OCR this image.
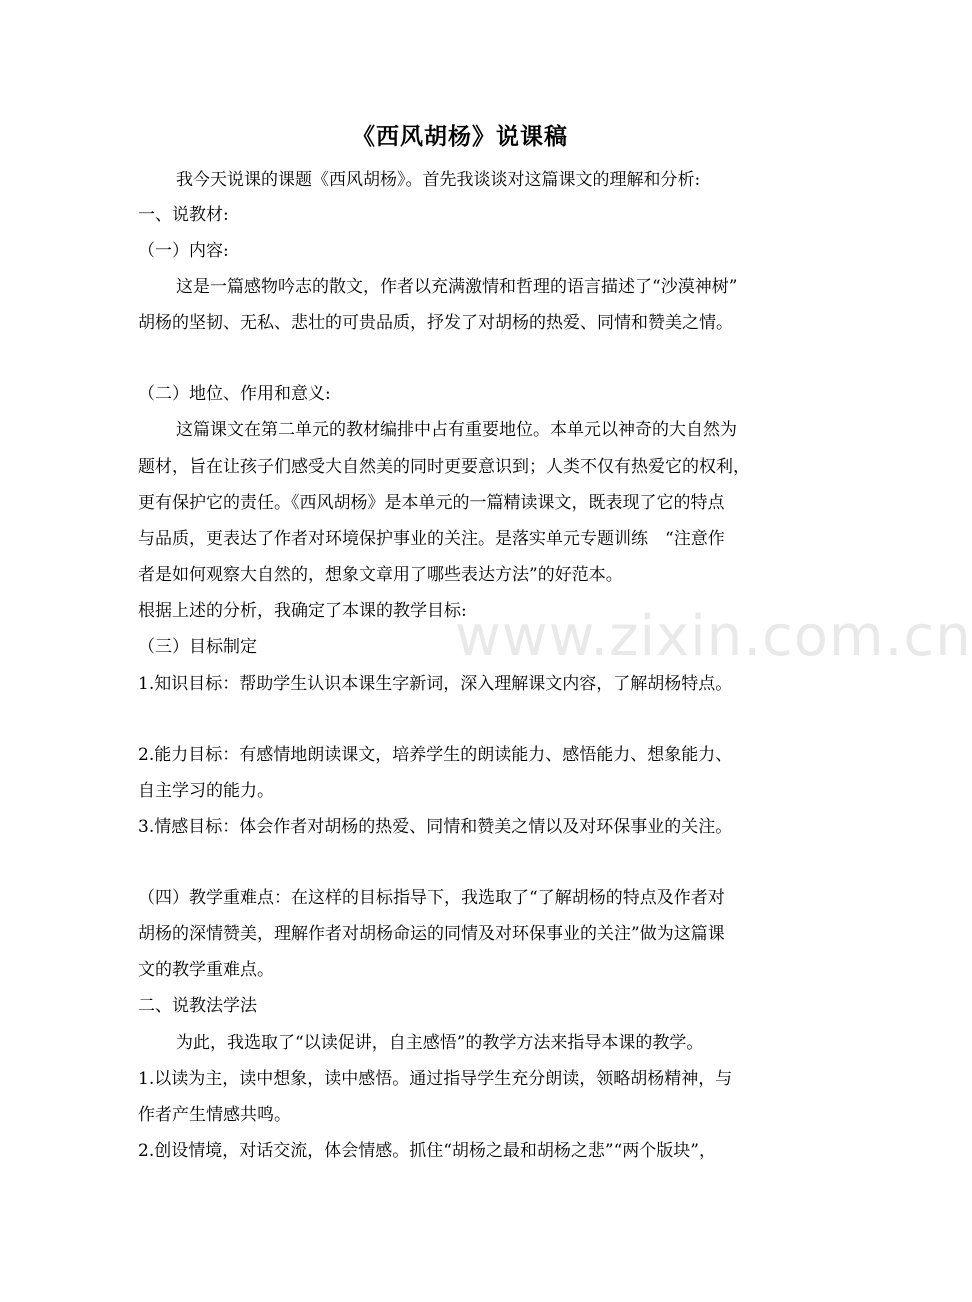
《西风胡杨》说课稿
我今天说课的课题《西风胡杨》。首先我谈谈对这篇课文的理解和分析:
一、说教材:
（一）内容:
这是一篇感物吟志的散文，作者以充满激情和哲理的语言描述了“沙漠神树”
胡杨的坚韧、无私、悲壮的可贵品质，抒发了对胡杨的热爱、同情和赞美之情。
（二）地位、作用和意义:
这篇课文在第二单元的教材编排中占有重要地位。本单元以神奇的大自然为
题材，旨在让孩子们感受大自然美的同时更要意识到；人类不仅有热爱它的权利，
更有保护它的责任。《西风胡杨》是本单元的一篇精读课文，既表现了它的特点
与品质，更表达了作者对环境保护事业的关注。是落实单元专题训练　“注意作
者是如何观察大自然的，想象文章用了哪些表达方法”的好范本。
根据上述的分析，我确定了本课的教学目标:
（三）目标制定
1.知识目标：帮助学生认识本课生字新词，深入理解课文内容，了解胡杨特点。
2.能力目标：有感情地朗读课文，培养学生的朗读能力、感悟能力、想象能力、
自主学习的能力。
3.情感目标：体会作者对胡杨的热爱、同情和赞美之情以及对环保事业的关注。
（四）教学重难点：在这样的目标指导下，我选取了“了解胡杨的特点及作者对
胡杨的深情赞美，理解作者对胡杨命运的同情及对环保事业的关注”做为这篇课
文的教学重难点。
二、说教法学法
为此，我选取了“以读促讲，自主感悟”的教学方法来指导本课的教学。
1.以读为主，读中想象，读中感悟。通过指导学生充分朗读，领略胡杨精神，与
作者产生情感共鸣。
2.创设情境，对话交流，体会情感。抓住“胡杨之最和胡杨之悲”“两个版块”，
www.zixin.com.cn
